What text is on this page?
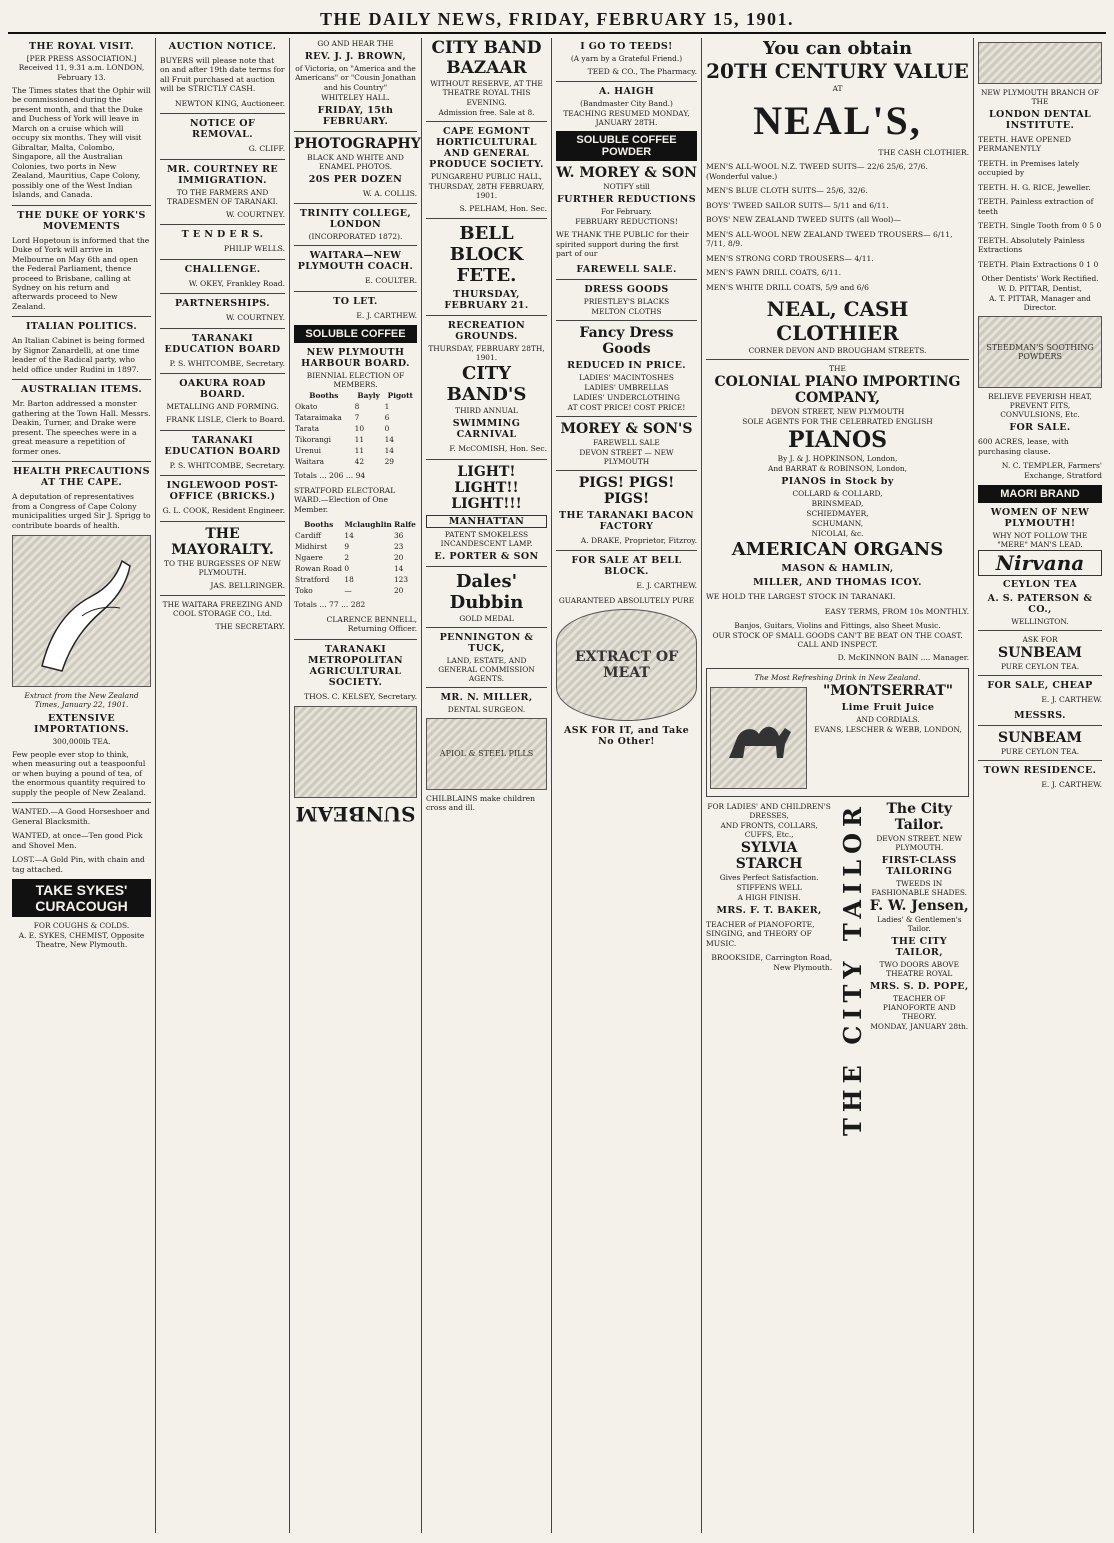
THE DAILY NEWS, FRIDAY, FEBRUARY 15, 1901.
THE ROYAL VISIT.
[PER PRESS ASSOCIATION.] Received 11, 9.31 a.m. LONDON, February 13.
The Times states that the Ophir will be commissioned during the present month, and that the Duke and Duchess of York will leave in March on a cruise which will occupy six months. They will visit Gibraltar, Malta, Colombo, Singapore, all the Australian Colonies, two ports in New Zealand, Mauritius, Cape Colony, possibly one of the West Indian Islands, and Canada.
THE DUKE OF YORK'S MOVEMENTS
Lord Hopetoun is informed that the Duke of York will arrive in Melbourne on May 6th and open the Federal Parliament, thence proceed to Brisbane, calling at Sydney on his return and afterwards proceed to New Zealand.
ITALIAN POLITICS.
An Italian Cabinet is being formed by Signor Zanardelli, at one time leader of the Radical party, who held office under Rudini in 1897.
AUSTRALIAN ITEMS.
Mr. Barton addressed a monster gathering at the Town Hall. Messrs. Deakin, Turner, and Drake were present. The speeches were in a great measure a repetition of former ones.
HEALTH PRECAUTIONS AT THE CAPE.
A deputation of representatives from a Congress of Cape Colony municipalities urged Sir J. Sprigg to contribute boards of health.
Extract from the New Zealand Times, January 22, 1901.
EXTENSIVE IMPORTATIONS.
300,000lb TEA.
Few people ever stop to think, when measuring out a teaspoonful or when buying a pound of tea, of the enormous quantity required to supply the people of New Zealand.
WANTED.—A Good Horseshoer and General Blacksmith.
WANTED, at once—Ten good Pick and Shovel Men.
LOST.—A Gold Pin, with chain and tag attached.
TAKE SYKES' CURACOUGH
FOR COUGHS & COLDS.
A. E. SYKES, CHEMIST, Opposite Theatre, New Plymouth.
AUCTION NOTICE.
BUYERS will please note that on and after 19th date terms for all Fruit purchased at auction will be STRICTLY CASH.
NEWTON KING, Auctioneer.
NOTICE OF REMOVAL.
G. CLIFF.
MR. COURTNEY RE IMMIGRATION.
TO THE FARMERS AND TRADESMEN OF TARANAKI.
W. COURTNEY.
T E N D E R S.
PHILIP WELLS.
CHALLENGE.
W. OKEY, Frankley Road.
PARTNERSHIPS.
W. COURTNEY.
TARANAKI EDUCATION BOARD
P. S. WHITCOMBE, Secretary.
OAKURA ROAD BOARD.
METALLING AND FORMING.
FRANK LISLE, Clerk to Board.
TARANAKI EDUCATION BOARD
P. S. WHITCOMBE, Secretary.
INGLEWOOD POST-OFFICE (BRICKS.)
G. L. COOK, Resident Engineer.
THE MAYORALTY.
TO THE BURGESSES OF NEW PLYMOUTH.
JAS. BELLRINGER.
THE WAITARA FREEZING AND COOL STORAGE CO., Ltd.
THE SECRETARY.
GO AND HEAR THE
REV. J. J. BROWN,
of Victoria, on "America and the Americans" or "Cousin Jonathan and his Country"
WHITELEY HALL.
FRIDAY, 15th FEBRUARY.
PHOTOGRAPHY
BLACK AND WHITE AND ENAMEL PHOTOS.
20S PER DOZEN
W. A. COLLIS.
TRINITY COLLEGE, LONDON
(INCORPORATED 1872).
WAITARA—NEW PLYMOUTH COACH.
E. COULTER.
TO LET.
E. J. CARTHEW.
SOLUBLE COFFEE
NEW PLYMOUTH HARBOUR BOARD.
BIENNIAL ELECTION OF MEMBERS.
Booths	Bayly	Pigott
Okato	8	1
Tataraimaka	7	6
Tarata	10	0
Tikorangi	11	14
Urenui	11	14
Waitara	42	29
Totals ... 206 ... 94
STRATFORD ELECTORAL WARD.—Election of One Member.
Booths	Mclaughlin	Ralfe
Cardiff	14	36
Midhirst	9	23
Ngaere	2	20
Rowan Road	0	14
Stratford	18	123
Toko	—	20
Totals ... 77 ... 282
CLARENCE BENNELL, Returning Officer.
TARANAKI METROPOLITAN AGRICULTURAL SOCIETY.
THOS. C. KELSEY, Secretary.
SUNBEAM
CITY BAND BAZAAR
WITHOUT RESERVE, AT THE THEATRE ROYAL THIS EVENING.
Admission free. Sale at 8.
CAPE EGMONT HORTICULTURAL AND GENERAL PRODUCE SOCIETY.
PUNGAREHU PUBLIC HALL,
THURSDAY, 28TH FEBRUARY, 1901.
S. PELHAM, Hon. Sec.
BELL BLOCK FETE.
THURSDAY, FEBRUARY 21.
RECREATION GROUNDS.
THURSDAY, FEBRUARY 28TH, 1901.
CITY BAND'S
THIRD ANNUAL
SWIMMING CARNIVAL
F. McCOMISH, Hon. Sec.
LIGHT! LIGHT!! LIGHT!!!
MANHATTAN
PATENT SMOKELESS INCANDESCENT LAMP.
E. PORTER & SON
Dales' Dubbin
GOLD MEDAL
PENNINGTON & TUCK,
LAND, ESTATE, AND GENERAL COMMISSION AGENTS.
MR. N. MILLER,
DENTAL SURGEON.
APIOL & STEEL PILLS
CHILBLAINS make children cross and ill.
I GO TO TEEDS!
(A yarn by a Grateful Friend.)
TEED & CO., The Pharmacy.
A. HAIGH
(Bandmaster City Band.)
TEACHING RESUMED MONDAY, JANUARY 28TH.
SOLUBLE COFFEE POWDER
W. MOREY & SON
NOTIFY still
FURTHER REDUCTIONS
For February.
FEBRUARY REDUCTIONS!
WE THANK THE PUBLIC for their spirited support during the first part of our
FAREWELL SALE.
DRESS GOODS
PRIESTLEY'S BLACKS
MELTON CLOTHS
Fancy Dress Goods
REDUCED IN PRICE.
LADIES' MACINTOSHES
LADIES' UMBRELLAS
LADIES' UNDERCLOTHING
AT COST PRICE! COST PRICE!
MOREY & SON'S
FAREWELL SALE
DEVON STREET — NEW PLYMOUTH
PIGS! PIGS! PIGS!
THE TARANAKI BACON FACTORY
A. DRAKE, Proprietor, Fitzroy.
FOR SALE AT BELL BLOCK.
E. J. CARTHEW.
GUARANTEED ABSOLUTELY PURE
EXTRACT OF MEAT
ASK FOR IT, and Take No Other!
You can obtain
20TH CENTURY VALUE
AT
NEAL'S,
THE CASH CLOTHIER.
MEN'S ALL-WOOL N.Z. TWEED SUITS— 22/6 25/6, 27/6. (Wonderful value.)
MEN'S BLUE CLOTH SUITS— 25/6, 32/6.
BOYS' TWEED SAILOR SUITS— 5/11 and 6/11.
BOYS' NEW ZEALAND TWEED SUITS (all Wool)—
MEN'S ALL-WOOL NEW ZEALAND TWEED TROUSERS— 6/11, 7/11, 8/9.
MEN'S STRONG CORD TROUSERS— 4/11.
MEN'S FAWN DRILL COATS, 6/11.
MEN'S WHITE DRILL COATS, 5/9 and 6/6
NEAL, CASH CLOTHIER
CORNER DEVON AND BROUGHAM STREETS.
THE
COLONIAL PIANO IMPORTING COMPANY,
DEVON STREET, NEW PLYMOUTH
SOLE AGENTS FOR THE CELEBRATED ENGLISH
PIANOS
By J. & J. HOPKINSON, London,
And BARRAT & ROBINSON, London,
PIANOS in Stock by
COLLARD & COLLARD,
BRINSMEAD,
SCHIEDMAYER,
SCHUMANN,
NICOLAI, &c.
AMERICAN ORGANS
MASON & HAMLIN,
MILLER, AND THOMAS ICOY.
WE HOLD THE LARGEST STOCK IN TARANAKI.
EASY TERMS, FROM 10s MONTHLY.
Banjos, Guitars, Violins and Fittings, also Sheet Music.
OUR STOCK OF SMALL GOODS CAN'T BE BEAT ON THE COAST. CALL AND INSPECT.
D. McKINNON BAIN .... Manager.
The Most Refreshing Drink in New Zealand.
"MONTSERRAT"
Lime Fruit Juice
AND CORDIALS.
EVANS, LESCHER & WEBB, LONDON,
FOR LADIES' AND CHILDREN'S DRESSES,
AND FRONTS, COLLARS, CUFFS, Etc.,
SYLVIA
STARCH
Gives Perfect Satisfaction.
STIFFENS WELL
A HIGH FINISH.
MRS. F. T. BAKER,
TEACHER of PIANOFORTE, SINGING, and THEORY OF MUSIC.
BROOKSIDE, Carrington Road, New Plymouth. THE CITY TAILOR	The City Tailor.
DEVON STREET. NEW PLYMOUTH.
FIRST-CLASS TAILORING
TWEEDS IN FASHIONABLE SHADES.
F. W. Jensen,
Ladies' & Gentlemen's Tailor.
THE CITY TAILOR,
TWO DOORS ABOVE THEATRE ROYAL
MRS. S. D. POPE,
TEACHER OF PIANOFORTE AND THEORY.
MONDAY, JANUARY 28th.
NEW PLYMOUTH BRANCH OF THE
LONDON DENTAL INSTITUTE.
TEETH. HAVE OPENED PERMANENTLY
TEETH. in Premises lately occupied by
TEETH. H. G. RICE, Jeweller.
TEETH. Painless extraction of teeth
TEETH. Single Tooth from 0 5 0
TEETH. Absolutely Painless Extractions
TEETH. Plain Extractions 0 1 0
Other Dentists' Work Rectified.
W. D. PITTAR, Dentist,
A. T. PITTAR, Manager and Director.
STEEDMAN'S SOOTHING POWDERS
RELIEVE FEVERISH HEAT, PREVENT FITS, CONVULSIONS, Etc.
FOR SALE.
600 ACRES, lease, with purchasing clause.
N. C. TEMPLER, Farmers' Exchange, Stratford
MAORI BRAND
WOMEN OF NEW PLYMOUTH!
WHY NOT FOLLOW THE "MERE" MAN'S LEAD.
Nirvana
CEYLON TEA
A. S. PATERSON & CO.,
WELLINGTON.
ASK FOR
SUNBEAM
PURE CEYLON TEA.
FOR SALE, CHEAP
E. J. CARTHEW.
MESSRS.
SUNBEAM
PURE CEYLON TEA.
TOWN RESIDENCE.
E. J. CARTHEW.
